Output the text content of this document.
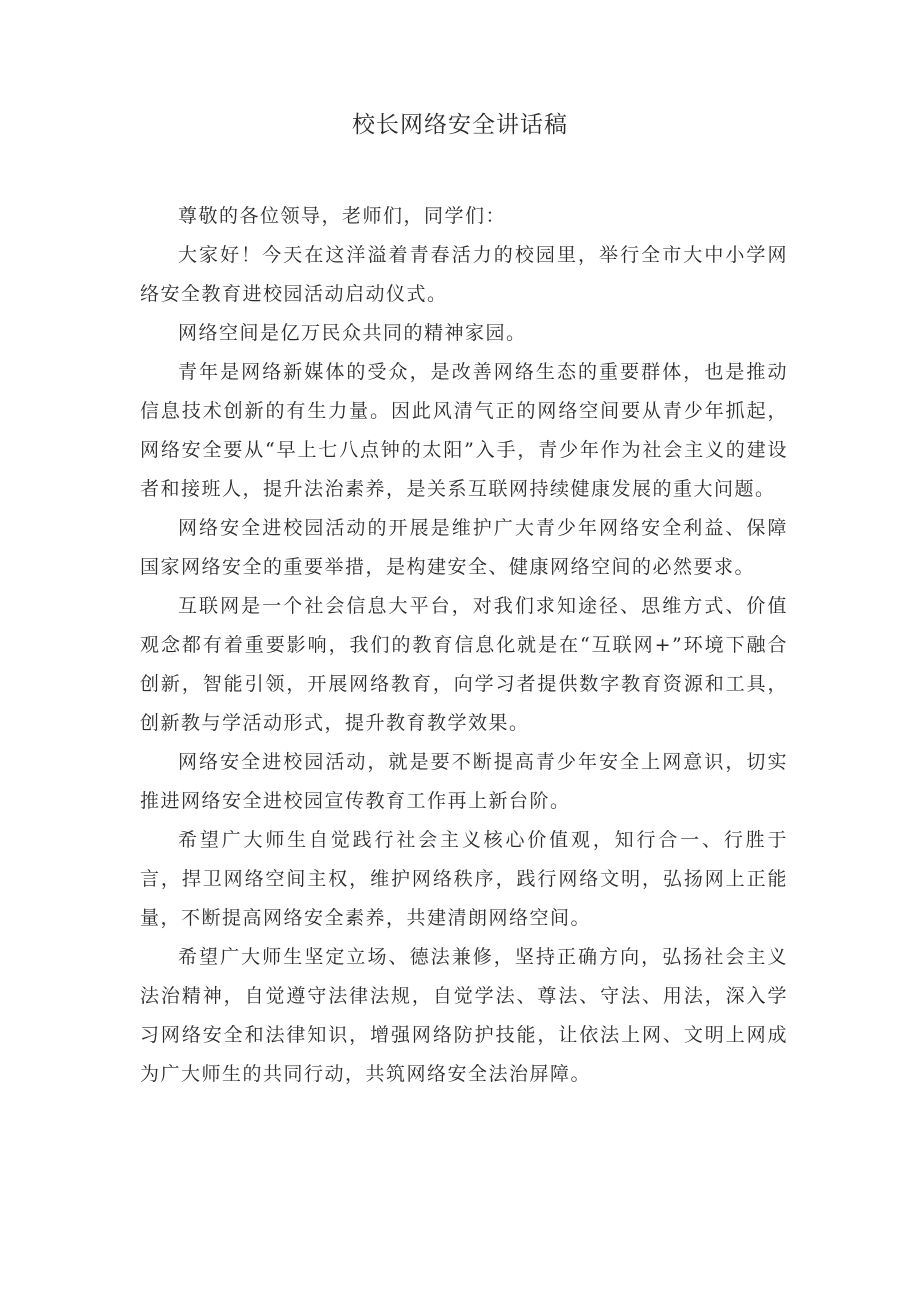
校长网络安全讲话稿

尊敬的各位领导，老师们，同学们：

大家好！今天在这洋溢着青春活力的校园里，举行全市大中小学网络安全教育进校园活动启动仪式。

网络空间是亿万民众共同的精神家园。

青年是网络新媒体的受众，是改善网络生态的重要群体，也是推动信息技术创新的有生力量。因此风清气正的网络空间要从青少年抓起，网络安全要从“早上七八点钟的太阳”入手，青少年作为社会主义的建设者和接班人，提升法治素养，是关系互联网持续健康发展的重大问题。

网络安全进校园活动的开展是维护广大青少年网络安全利益、保障国家网络安全的重要举措，是构建安全、健康网络空间的必然要求。

互联网是一个社会信息大平台，对我们求知途径、思维方式、价值观念都有着重要影响，我们的教育信息化就是在“互联网+”环境下融合创新，智能引领，开展网络教育，向学习者提供数字教育资源和工具，创新教与学活动形式，提升教育教学效果。

网络安全进校园活动，就是要不断提高青少年安全上网意识，切实推进网络安全进校园宣传教育工作再上新台阶。

希望广大师生自觉践行社会主义核心价值观，知行合一、行胜于言，捍卫网络空间主权，维护网络秩序，践行网络文明，弘扬网上正能量，不断提高网络安全素养，共建清朗网络空间。

希望广大师生坚定立场、德法兼修，坚持正确方向，弘扬社会主义法治精神，自觉遵守法律法规，自觉学法、尊法、守法、用法，深入学习网络安全和法律知识，增强网络防护技能，让依法上网、文明上网成为广大师生的共同行动，共筑网络安全法治屏障。
